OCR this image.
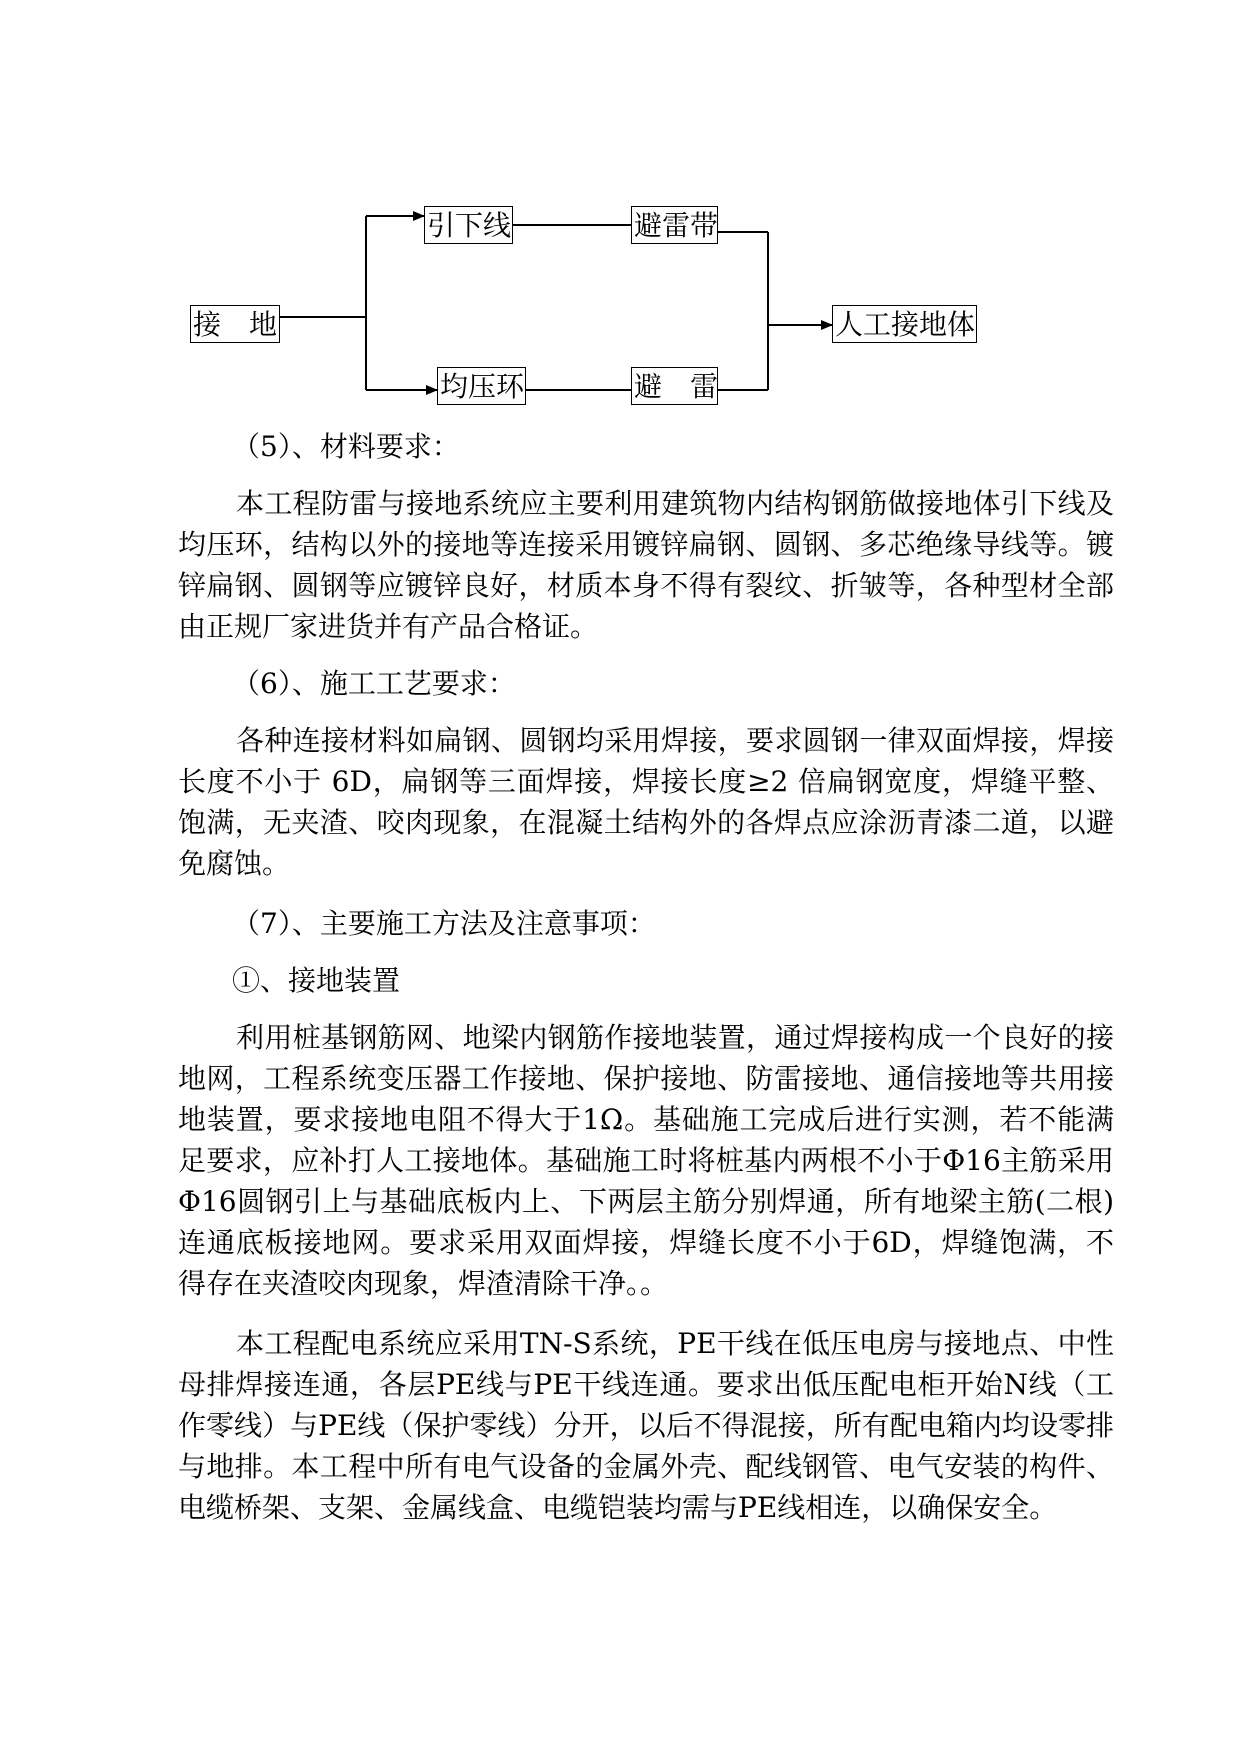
接　地
引下线
均压环
避雷带
避　雷
人工接地体

（5）、材料要求：

本工程防雷与接地系统应主要利用建筑物内结构钢筋做接地体引下线及均压环，结构以外的接地等连接采用镀锌扁钢、圆钢、多芯绝缘导线等。镀锌扁钢、圆钢等应镀锌良好，材质本身不得有裂纹、折皱等，各种型材全部由正规厂家进货并有产品合格证。

（6）、施工工艺要求：

各种连接材料如扁钢、圆钢均采用焊接，要求圆钢一律双面焊接，焊接长度不小于 6D，扁钢等三面焊接，焊接长度≥2 倍扁钢宽度，焊缝平整、饱满，无夹渣、咬肉现象，在混凝土结构外的各焊点应涂沥青漆二道，以避免腐蚀。

（7）、主要施工方法及注意事项：

①、接地装置

利用桩基钢筋网、地梁内钢筋作接地装置，通过焊接构成一个良好的接地网，工程系统变压器工作接地、保护接地、防雷接地、通信接地等共用接地装置，要求接地电阻不得大于1Ω。基础施工完成后进行实测，若不能满足要求，应补打人工接地体。基础施工时将桩基内两根不小于Φ16主筋采用Φ16圆钢引上与基础底板内上、下两层主筋分别焊通，所有地梁主筋(二根)连通底板接地网。要求采用双面焊接，焊缝长度不小于6D，焊缝饱满，不得存在夹渣咬肉现象，焊渣清除干净。。

本工程配电系统应采用TN-S系统，PE干线在低压电房与接地点、中性母排焊接连通，各层PE线与PE干线连通。要求出低压配电柜开始N线（工作零线）与PE线（保护零线）分开，以后不得混接，所有配电箱内均设零排与地排。本工程中所有电气设备的金属外壳、配线钢管、电气安装的构件、电缆桥架、支架、金属线盒、电缆铠装均需与PE线相连，以确保安全。
